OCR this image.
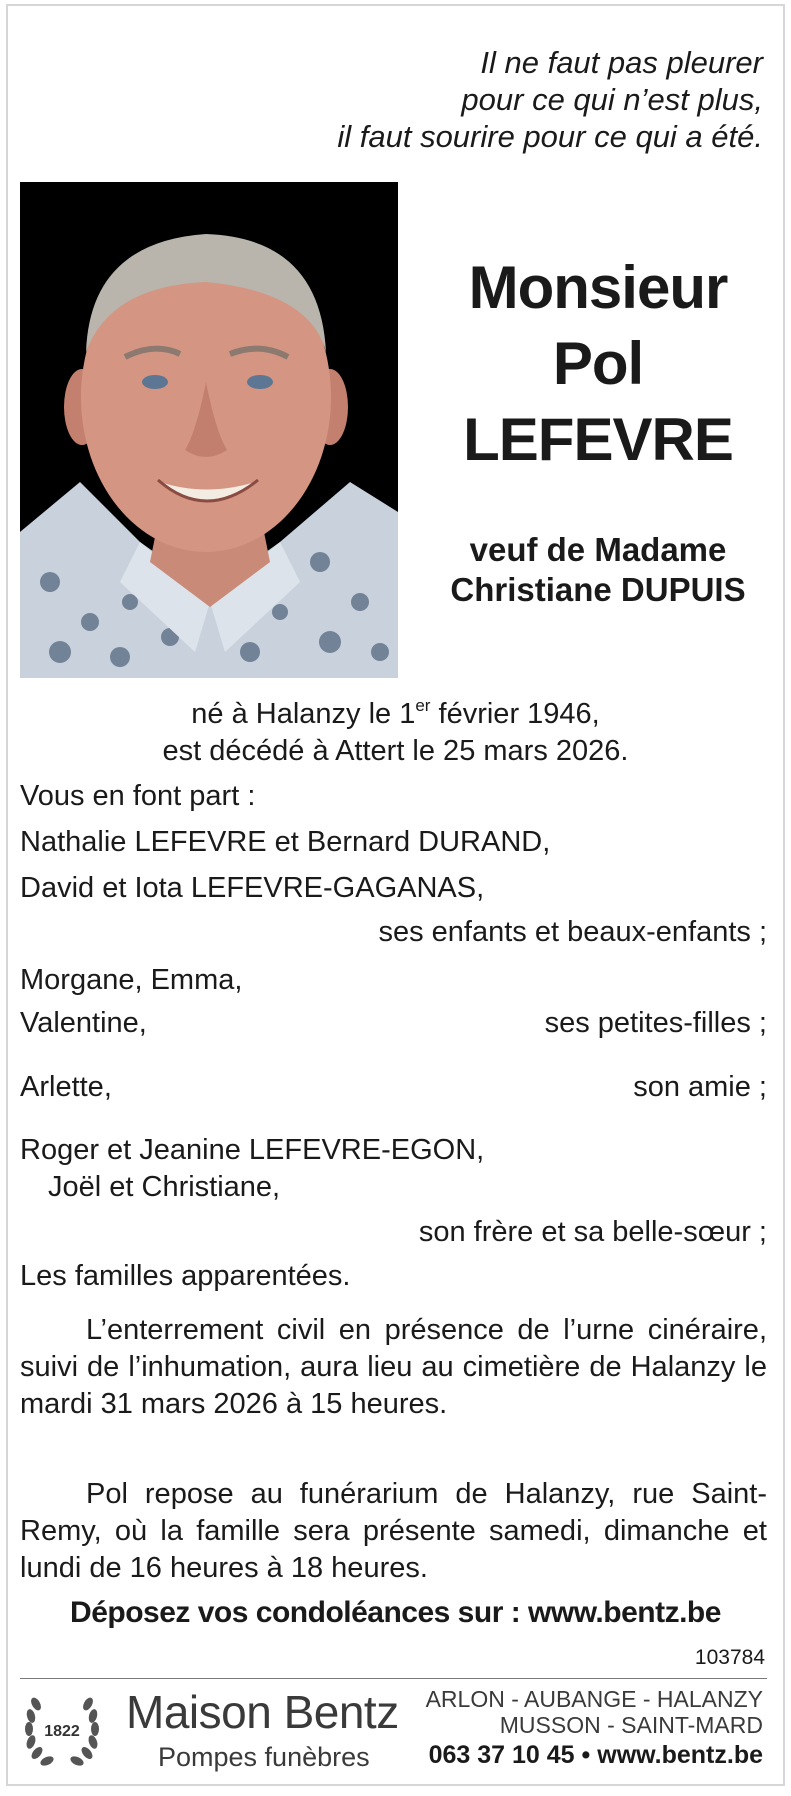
Il ne faut pas pleurer
pour ce qui n’est plus,
il faut sourire pour ce qui a été.
Monsieur
Pol
LEFEVRE
veuf de Madame
Christiane DUPUIS
né à Halanzy le 1er février 1946,
est décédé à Attert le 25 mars 2026.
Vous en font part :
Nathalie LEFEVRE et Bernard DURAND,
David et Iota LEFEVRE-GAGANAS,
ses enfants et beaux-enfants ;
Morgane, Emma,
Valentine,	ses petites-filles ;
Arlette,	son amie ;
Roger et Jeanine LEFEVRE-EGON,
Joël et Christiane,
son frère et sa belle-sœur ;
Les familles apparentées.
L’enterrement civil en présence de l’urne cinéraire, suivi de l’inhumation, aura lieu au cimetière de Halanzy le mardi 31 mars 2026 à 15 heures.
Pol repose au funérarium de Halanzy, rue Saint-Remy, où la famille sera présente samedi, dimanche et lundi de 16 heures à 18 heures.
Déposez vos condoléances sur : www.bentz.be
103784
1822 Maison Bentz
Pompes funèbres
ARLON - AUBANGE - HALANZY
MUSSON - SAINT-MARD
063 37 10 45 • www.bentz.be
